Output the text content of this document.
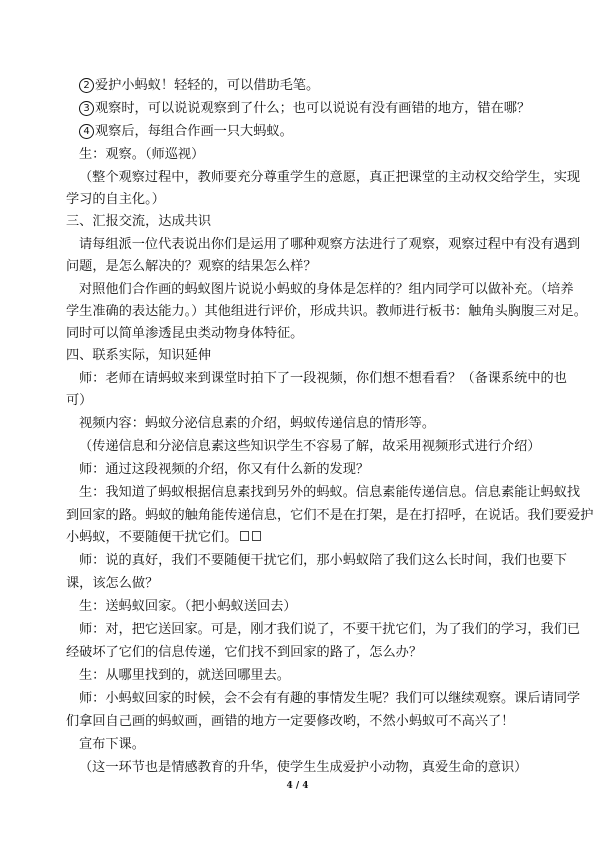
2 爱护小蚂蚁！轻轻的，可以借助毛笔。
3 观察时，可以说说观察到了什么；也可以说说有没有画错的地方，错在哪？
4 观察后，每组合作画一只大蚂蚁。
生：观察。（师巡视）
（整个观察过程中，教师要充分尊重学生的意愿，真正把课堂的主动权交给学生，实现
学习的自主化。）
三、汇报交流，达成共识
请每组派一位代表说出你们是运用了哪种观察方法进行了观察，观察过程中有没有遇到
问题，是怎么解决的？观察的结果怎么样？
对照他们合作画的蚂蚁图片说说小蚂蚁的身体是怎样的？组内同学可以做补充。（培养
学生准确的表达能力。）其他组进行评价，形成共识。教师进行板书：触角头胸腹三对足。
同时可以简单渗透昆虫类动物身体特征。
四、联系实际，知识延伸
师：老师在请蚂蚁来到课堂时拍下了一段视频，你们想不想看看？（备课系统中的也
可）
视频内容：蚂蚁分泌信息素的介绍，蚂蚁传递信息的情形等。
（传递信息和分泌信息素这些知识学生不容易了解，故采用视频形式进行介绍）
师：通过这段视频的介绍，你又有什么新的发现？
生：我知道了蚂蚁根据信息素找到另外的蚂蚁。信息素能传递信息。信息素能让蚂蚁找
到回家的路。蚂蚁的触角能传递信息，它们不是在打架，是在打招呼，在说话。我们要爱护
小蚂蚁，不要随便干扰它们。
师：说的真好，我们不要随便干扰它们，那小蚂蚁陪了我们这么长时间，我们也要下
课，该怎么做？
生：送蚂蚁回家。（把小蚂蚁送回去）
师：对，把它送回家。可是，刚才我们说了，不要干扰它们，为了我们的学习，我们已
经破坏了它们的信息传递，它们找不到回家的路了，怎么办？
生：从哪里找到的，就送回哪里去。
师：小蚂蚁回家的时候，会不会有有趣的事情发生呢？我们可以继续观察。课后请同学
们拿回自己画的蚂蚁画，画错的地方一定要修改哟，不然小蚂蚁可不高兴了！
宣布下课。
（这一环节也是情感教育的升华，使学生生成爱护小动物，真爱生命的意识）
4 / 4
